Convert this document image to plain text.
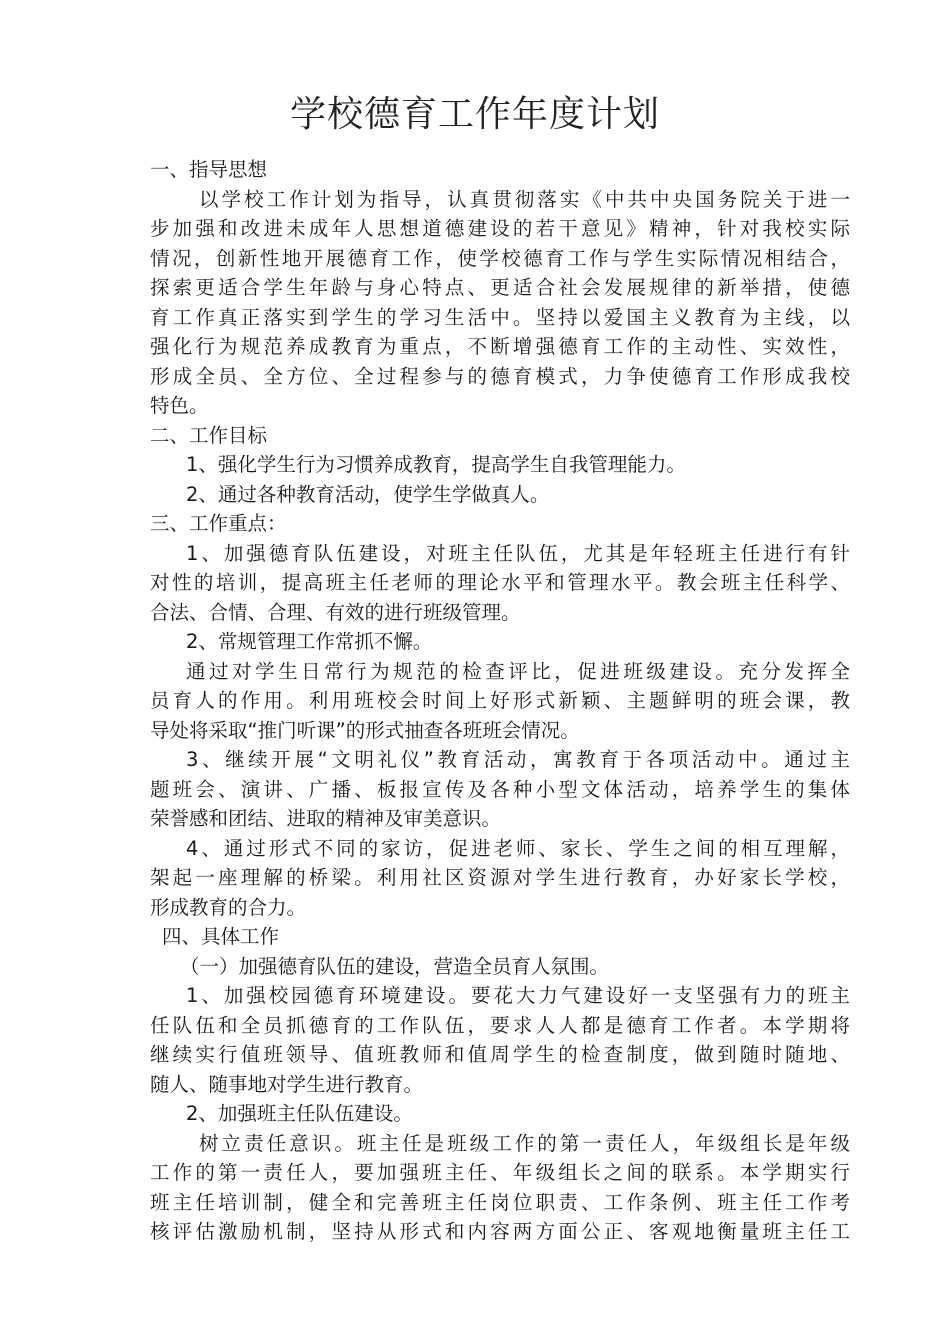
学校德育工作年度计划
一、指导思想
以学校工作计划为指导，认真贯彻落实《中共中央国务院关于进一
步加强和改进未成年人思想道德建设的若干意见》精神，针对我校实际
情况，创新性地开展德育工作，使学校德育工作与学生实际情况相结合，
探索更适合学生年龄与身心特点、更适合社会发展规律的新举措，使德
育工作真正落实到学生的学习生活中。坚持以爱国主义教育为主线，以
强化行为规范养成教育为重点，不断增强德育工作的主动性、实效性，
形成全员、全方位、全过程参与的德育模式，力争使德育工作形成我校
特色。
二、工作目标
1、强化学生行为习惯养成教育，提高学生自我管理能力。
2、通过各种教育活动，使学生学做真人。
三、工作重点：
1、加强德育队伍建设，对班主任队伍，尤其是年轻班主任进行有针
对性的培训，提高班主任老师的理论水平和管理水平。教会班主任科学、
合法、合情、合理、有效的进行班级管理。
2、常规管理工作常抓不懈。
通过对学生日常行为规范的检查评比，促进班级建设。充分发挥全
员育人的作用。利用班校会时间上好形式新颖、主题鲜明的班会课，教
导处将采取“推门听课”的形式抽查各班班会情况。
3、继续开展“文明礼仪”教育活动，寓教育于各项活动中。通过主
题班会、演讲、广播、板报宣传及各种小型文体活动，培养学生的集体
荣誉感和团结、进取的精神及审美意识。
4、通过形式不同的家访，促进老师、家长、学生之间的相互理解，
架起一座理解的桥梁。利用社区资源对学生进行教育，办好家长学校，
形成教育的合力。
四、具体工作
（一）加强德育队伍的建设，营造全员育人氛围。
1、加强校园德育环境建设。要花大力气建设好一支坚强有力的班主
任队伍和全员抓德育的工作队伍，要求人人都是德育工作者。本学期将
继续实行值班领导、值班教师和值周学生的检查制度，做到随时随地、
随人、随事地对学生进行教育。
2、加强班主任队伍建设。
树立责任意识。班主任是班级工作的第一责任人，年级组长是年级
工作的第一责任人，要加强班主任、年级组长之间的联系。本学期实行
班主任培训制，健全和完善班主任岗位职责、工作条例、班主任工作考
核评估激励机制，坚持从形式和内容两方面公正、客观地衡量班主任工
